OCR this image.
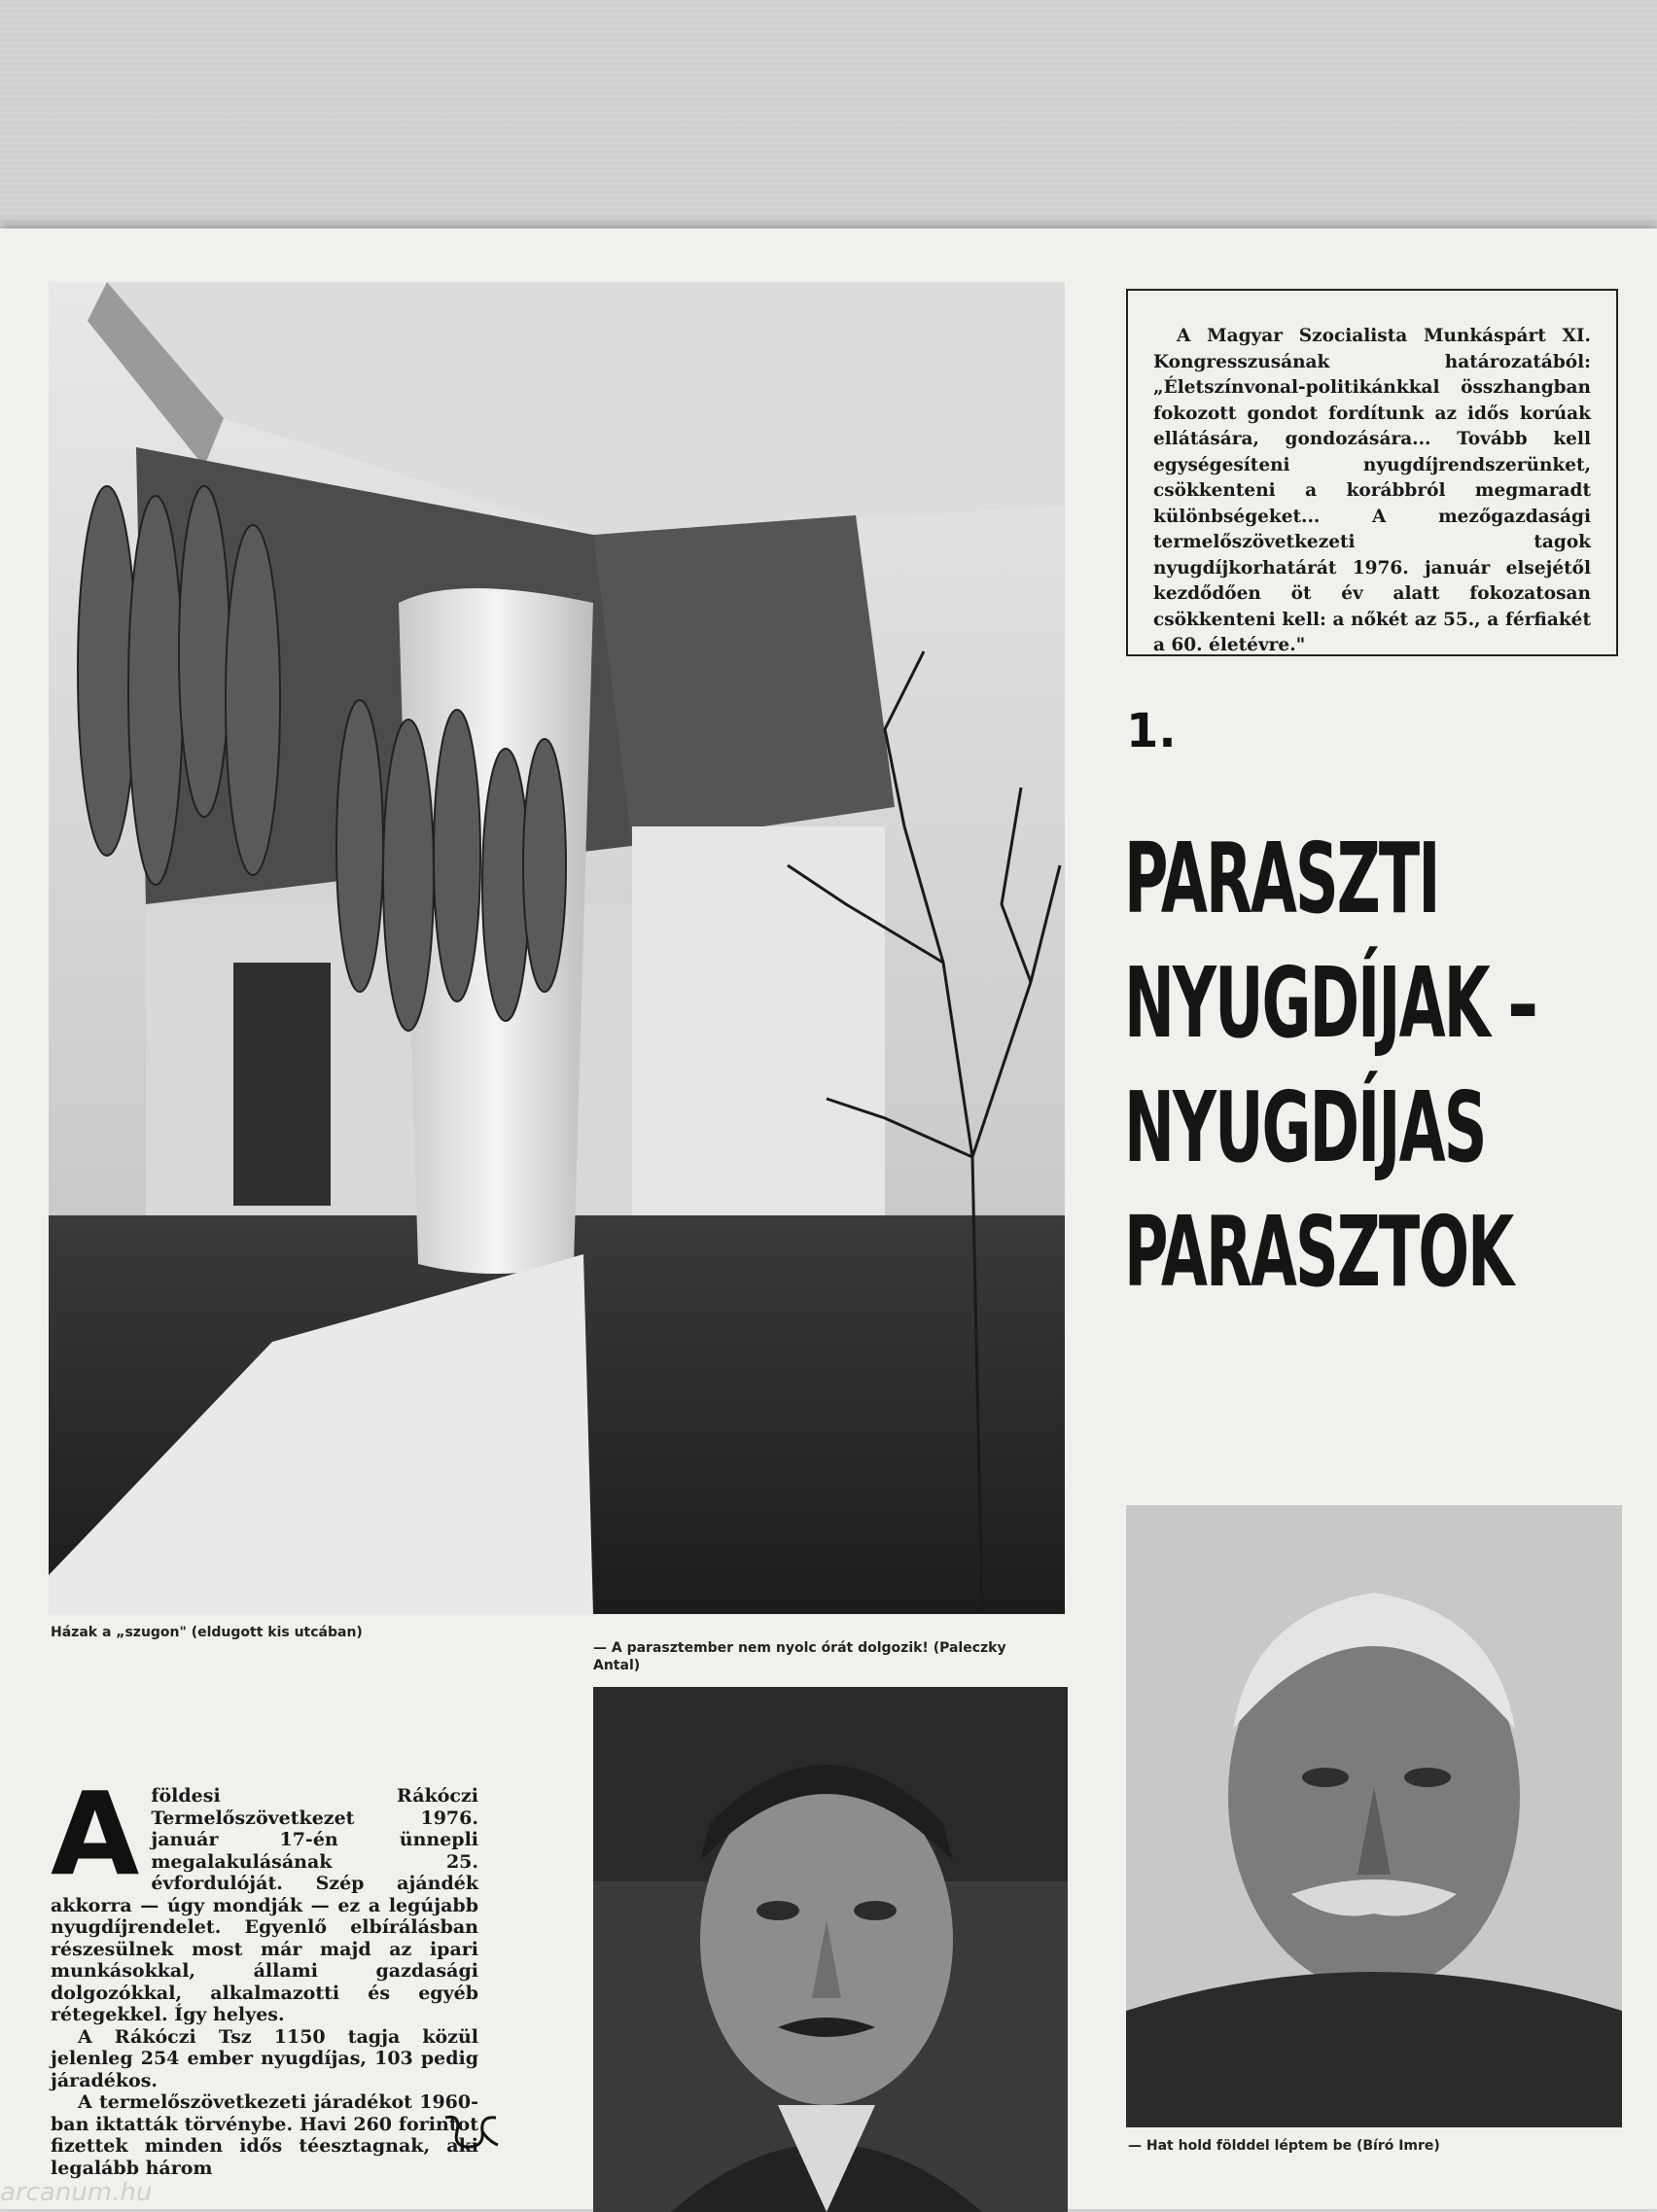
Házak a „szugon" (eldugott kis utcában)

A Magyar Szocialista Munkáspárt XI. Kongresszusának határozatából: „Életszínvonal-politikánkkal összhangban fokozott gondot fordítunk az idős korúak ellátására, gondozására... Tovább kell egységesíteni nyugdíjrendszerünket, csökkenteni a korábbról megmaradt különbségeket... A mezőgazdasági termelőszövetkezeti tagok nyugdíjkorhatárát 1976. január elsejétől kezdődően öt év alatt fokozatosan csökkenteni kell: a nőkét az 55., a férfiakét a 60. életévre."

1.
PARASZTI
NYUGDÍJAK –
NYUGDÍJAS
PARASZTOK
— A parasztember nem nyolc órát dolgozik! (Paleczky Antal)
— Hat hold földdel léptem be (Bíró Imre)
A földesi Rákóczi Termelőszövetkezet 1976. január 17-én ünnepli megalakulásának 25. évfordulóját. Szép ajándék akkorra — úgy mondják — ez a legújabb nyugdíjrendelet. Egyenlő elbírálásban részesülnek most már majd az ipari munkásokkal, állami gazdasági dolgozókkal, alkalmazotti és egyéb rétegekkel. Így helyes.

A Rákóczi Tsz 1150 tagja közül jelenleg 254 ember nyugdíjas, 103 pedig járadékos.

A termelőszövetkezeti járadékot 1960-ban iktatták törvénybe. Havi 260 forintot fizettek minden idős téesztagnak, aki legalább három

arcanum.hu
